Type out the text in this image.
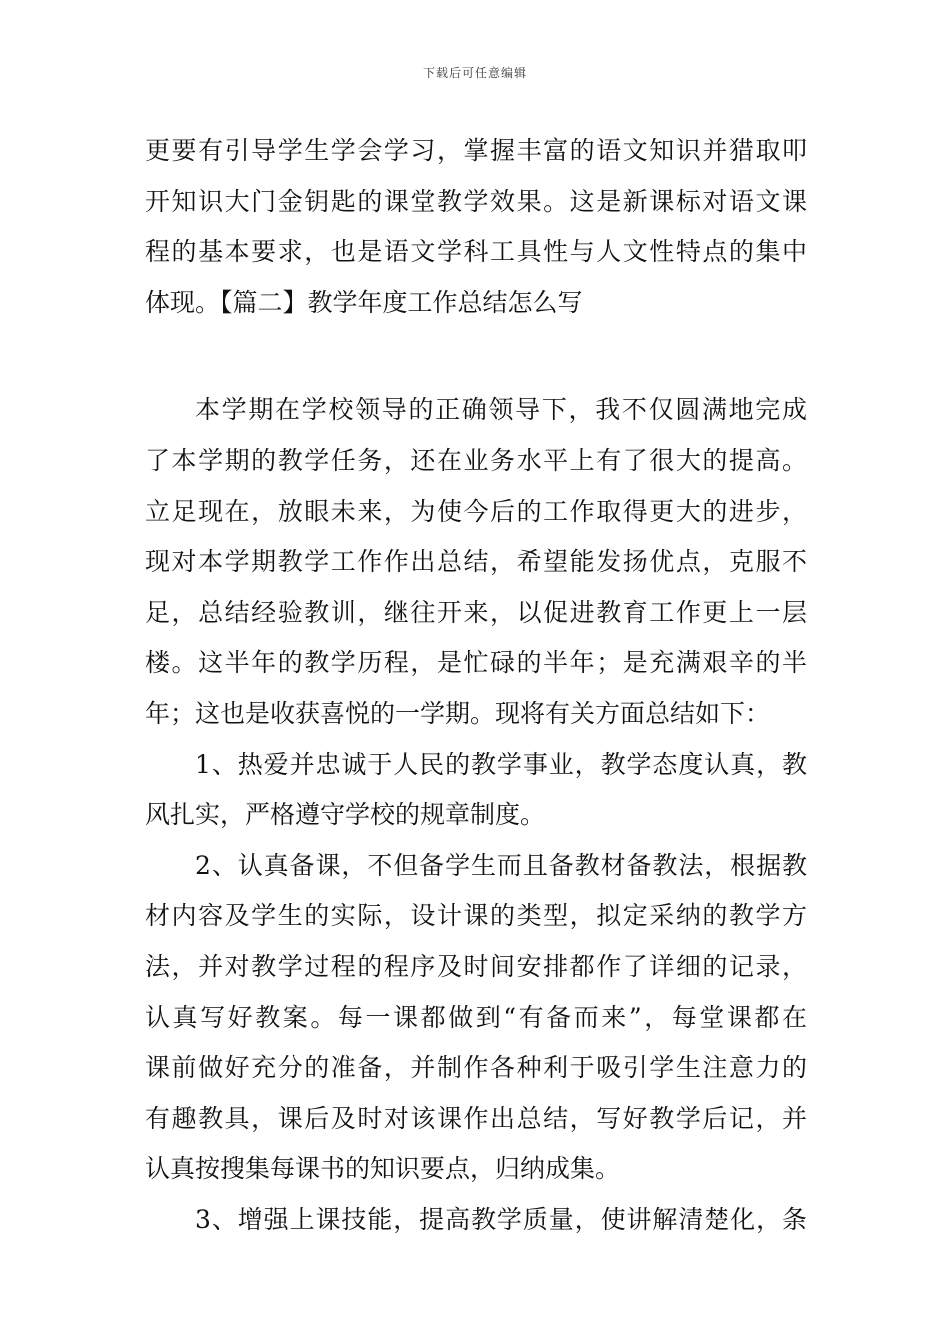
下载后可任意编辑
更要有引导学生学会学习，掌握丰富的语文知识并猎取叩
开知识大门金钥匙的课堂教学效果。这是新课标对语文课
程的基本要求，也是语文学科工具性与人文性特点的集中
体现。【篇二】教学年度工作总结怎么写
本学期在学校领导的正确领导下，我不仅圆满地完成
了本学期的教学任务，还在业务水平上有了很大的提高。
立足现在，放眼未来，为使今后的工作取得更大的进步，
现对本学期教学工作作出总结，希望能发扬优点，克服不
足，总结经验教训，继往开来，以促进教育工作更上一层
楼。这半年的教学历程，是忙碌的半年；是充满艰辛的半
年；这也是收获喜悦的一学期。现将有关方面总结如下：
1、热爱并忠诚于人民的教学事业，教学态度认真，教
风扎实，严格遵守学校的规章制度。
2、认真备课，不但备学生而且备教材备教法，根据教
材内容及学生的实际，设计课的类型，拟定采纳的教学方
法，并对教学过程的程序及时间安排都作了详细的记录，
认真写好教案。每一课都做到“有备而来”，每堂课都在
课前做好充分的准备，并制作各种利于吸引学生注意力的
有趣教具，课后及时对该课作出总结，写好教学后记，并
认真按搜集每课书的知识要点，归纳成集。
3、增强上课技能，提高教学质量，使讲解清楚化，条
